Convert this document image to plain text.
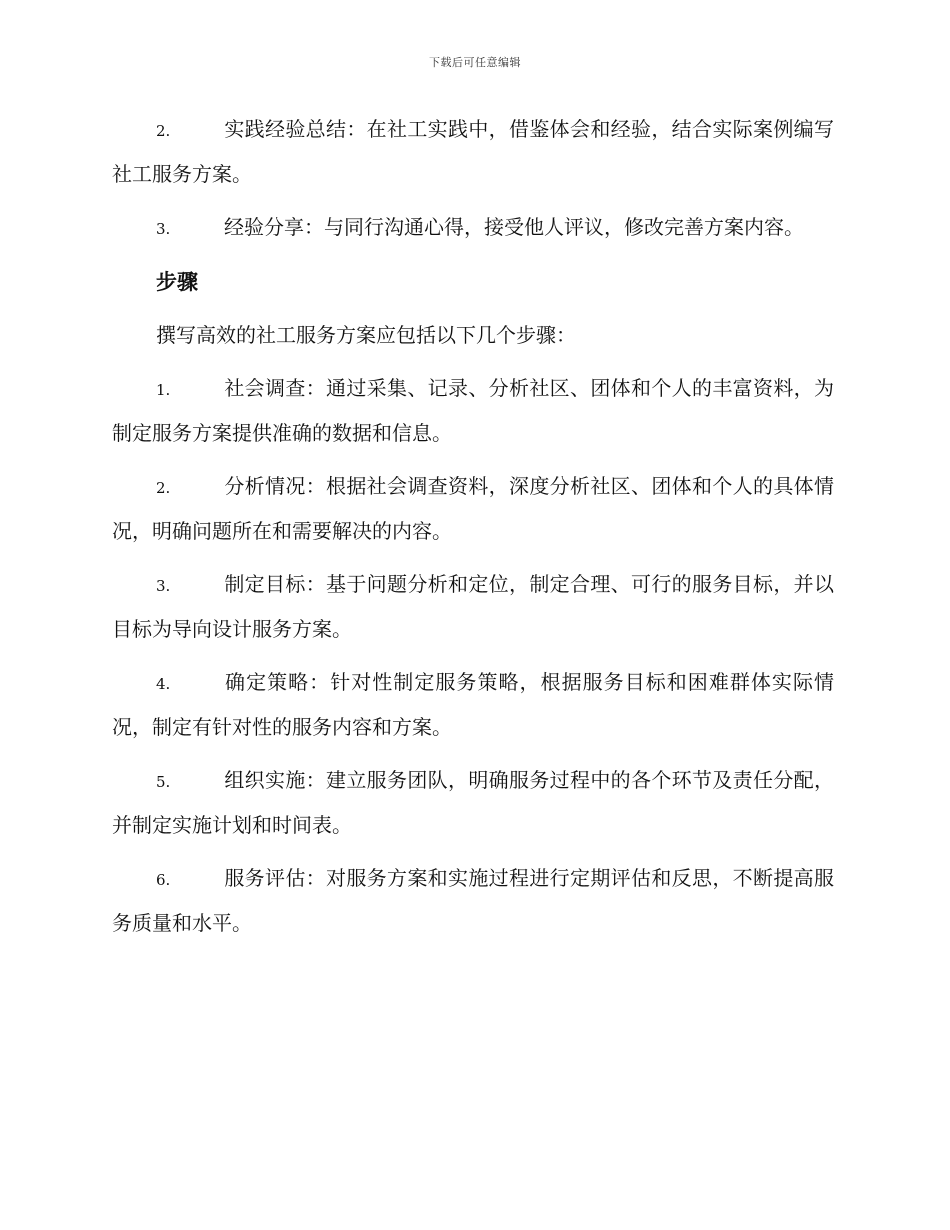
下载后可任意编辑

2.	实践经验总结：在社工实践中，借鉴体会和经验，结合实际案例编写社工服务方案。

3.	经验分享：与同行沟通心得，接受他人评议，修改完善方案内容。

步骤

撰写高效的社工服务方案应包括以下几个步骤：

1.	社会调查：通过采集、记录、分析社区、团体和个人的丰富资料，为制定服务方案提供准确的数据和信息。

2.	分析情况：根据社会调查资料，深度分析社区、团体和个人的具体情况，明确问题所在和需要解决的内容。

3.	制定目标：基于问题分析和定位，制定合理、可行的服务目标，并以目标为导向设计服务方案。

4.	确定策略：针对性制定服务策略，根据服务目标和困难群体实际情况，制定有针对性的服务内容和方案。

5.	组织实施：建立服务团队，明确服务过程中的各个环节及责任分配，并制定实施计划和时间表。

6.	服务评估：对服务方案和实施过程进行定期评估和反思，不断提高服务质量和水平。
